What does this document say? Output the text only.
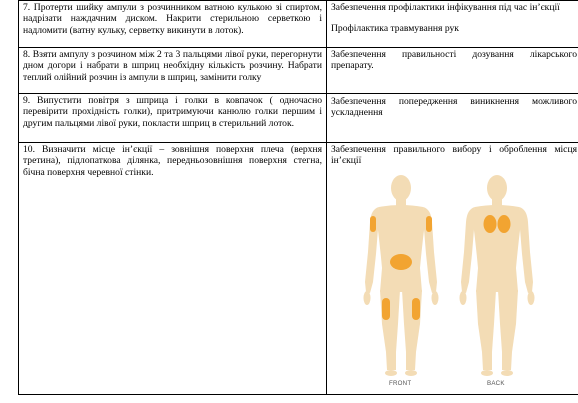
7. Протерти шийку ампули з розчинником ватною кулькою зі спиртом, надрізати наждачним диском. Накрити стерильною серветкою і надломити (ватну кульку, серветку викинути в лоток).	Забезпечення профілактики інфікування під час ін’єкції
Профілактика травмування рук

8. Взяти ампулу з розчином між 2 та 3 пальцями лівої руки, перегорнути дном догори і набрати в шприц необхідну кількість розчину. Набрати теплий олійний розчин із ампули в шприц, замінити голку	Забезпечення правильності дозування лікарського препарату.
9. Випустити повітря з шприца і голки в ковпачок ( одночасно перевірити прохідність голки), притримуючи канюлю голки першим і другим пальцями лівої руки, покласти шприц в стерильний лоток.	Забезпечення попередження виникнення можливого ускладнення
10. Визначити місце ін’єкції – зовнішня поверхня плеча (верхня третина), підлопаткова ділянка, передньозовнішня поверхня стегна, бічна поверхня черевної стінки.	Забезпечення правильного вибору і оброблення місця ін’єкції
FRONT BACK
